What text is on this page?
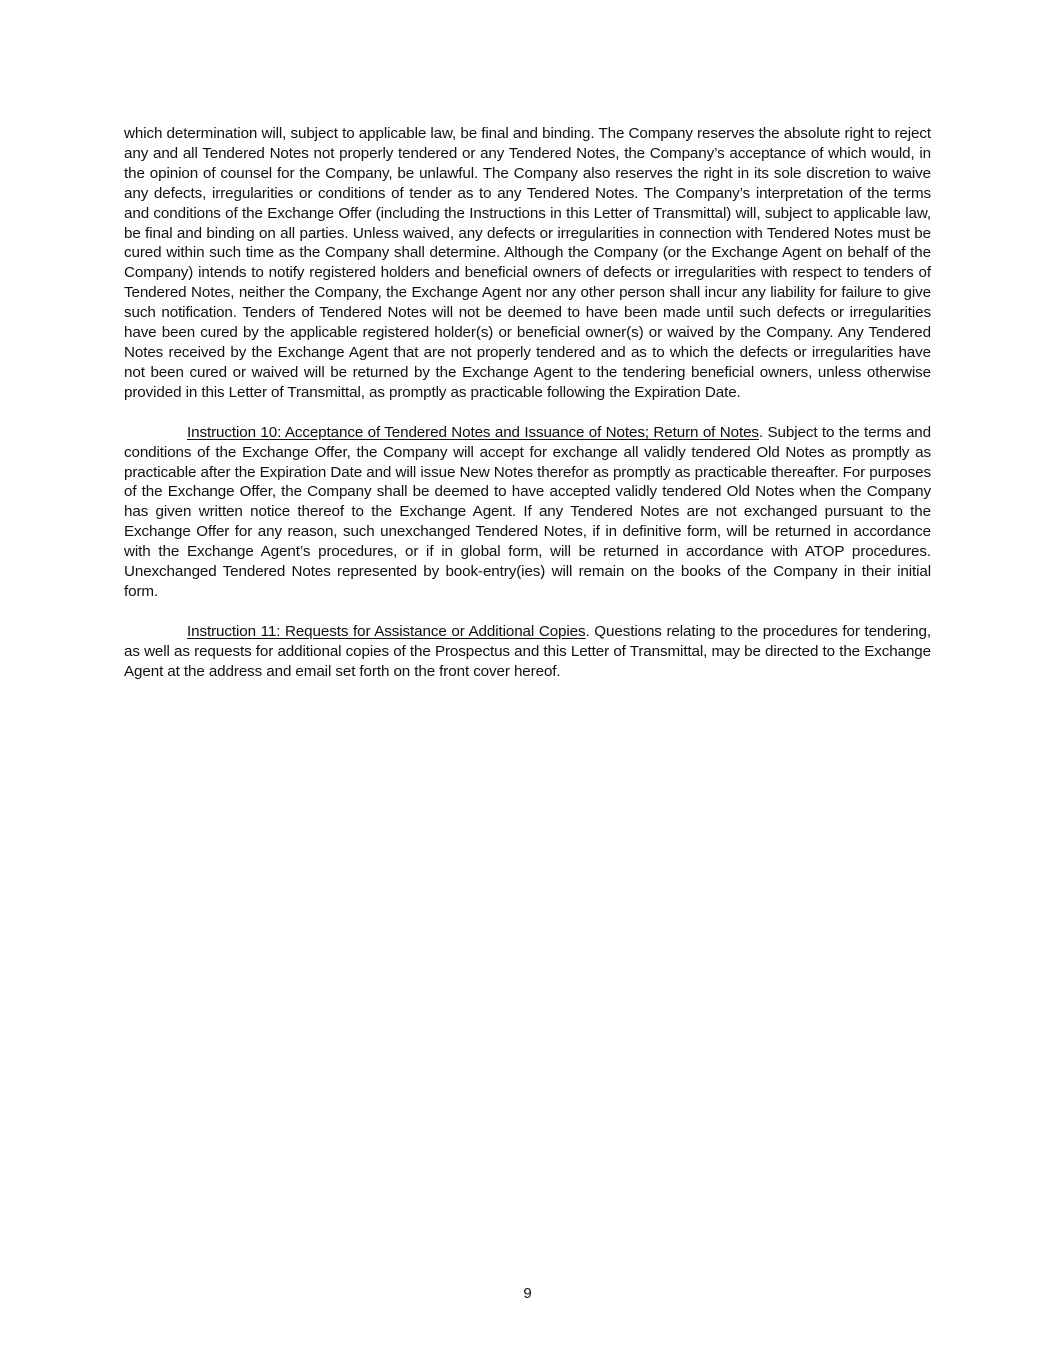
which determination will, subject to applicable law, be final and binding. The Company reserves the absolute right to reject any and all Tendered Notes not properly tendered or any Tendered Notes, the Company’s acceptance of which would, in the opinion of counsel for the Company, be unlawful. The Company also reserves the right in its sole discretion to waive any defects, irregularities or conditions of tender as to any Tendered Notes. The Company’s interpretation of the terms and conditions of the Exchange Offer (including the Instructions in this Letter of Transmittal) will, subject to applicable law, be final and binding on all parties. Unless waived, any defects or irregularities in connection with Tendered Notes must be cured within such time as the Company shall determine. Although the Company (or the Exchange Agent on behalf of the Company) intends to notify registered holders and beneficial owners of defects or irregularities with respect to tenders of Tendered Notes, neither the Company, the Exchange Agent nor any other person shall incur any liability for failure to give such notification. Tenders of Tendered Notes will not be deemed to have been made until such defects or irregularities have been cured by the applicable registered holder(s) or beneficial owner(s) or waived by the Company. Any Tendered Notes received by the Exchange Agent that are not properly tendered and as to which the defects or irregularities have not been cured or waived will be returned by the Exchange Agent to the tendering beneficial owners, unless otherwise provided in this Letter of Transmittal, as promptly as practicable following the Expiration Date.

Instruction 10: Acceptance of Tendered Notes and Issuance of Notes; Return of Notes. Subject to the terms and conditions of the Exchange Offer, the Company will accept for exchange all validly tendered Old Notes as promptly as practicable after the Expiration Date and will issue New Notes therefor as promptly as practicable thereafter. For purposes of the Exchange Offer, the Company shall be deemed to have accepted validly tendered Old Notes when the Company has given written notice thereof to the Exchange Agent. If any Tendered Notes are not exchanged pursuant to the Exchange Offer for any reason, such unexchanged Tendered Notes, if in definitive form, will be returned in accordance with the Exchange Agent’s procedures, or if in global form, will be returned in accordance with ATOP procedures. Unexchanged Tendered Notes represented by book-entry(ies) will remain on the books of the Company in their initial form.

Instruction 11: Requests for Assistance or Additional Copies. Questions relating to the procedures for tendering, as well as requests for additional copies of the Prospectus and this Letter of Transmittal, may be directed to the Exchange Agent at the address and email set forth on the front cover hereof.

9
